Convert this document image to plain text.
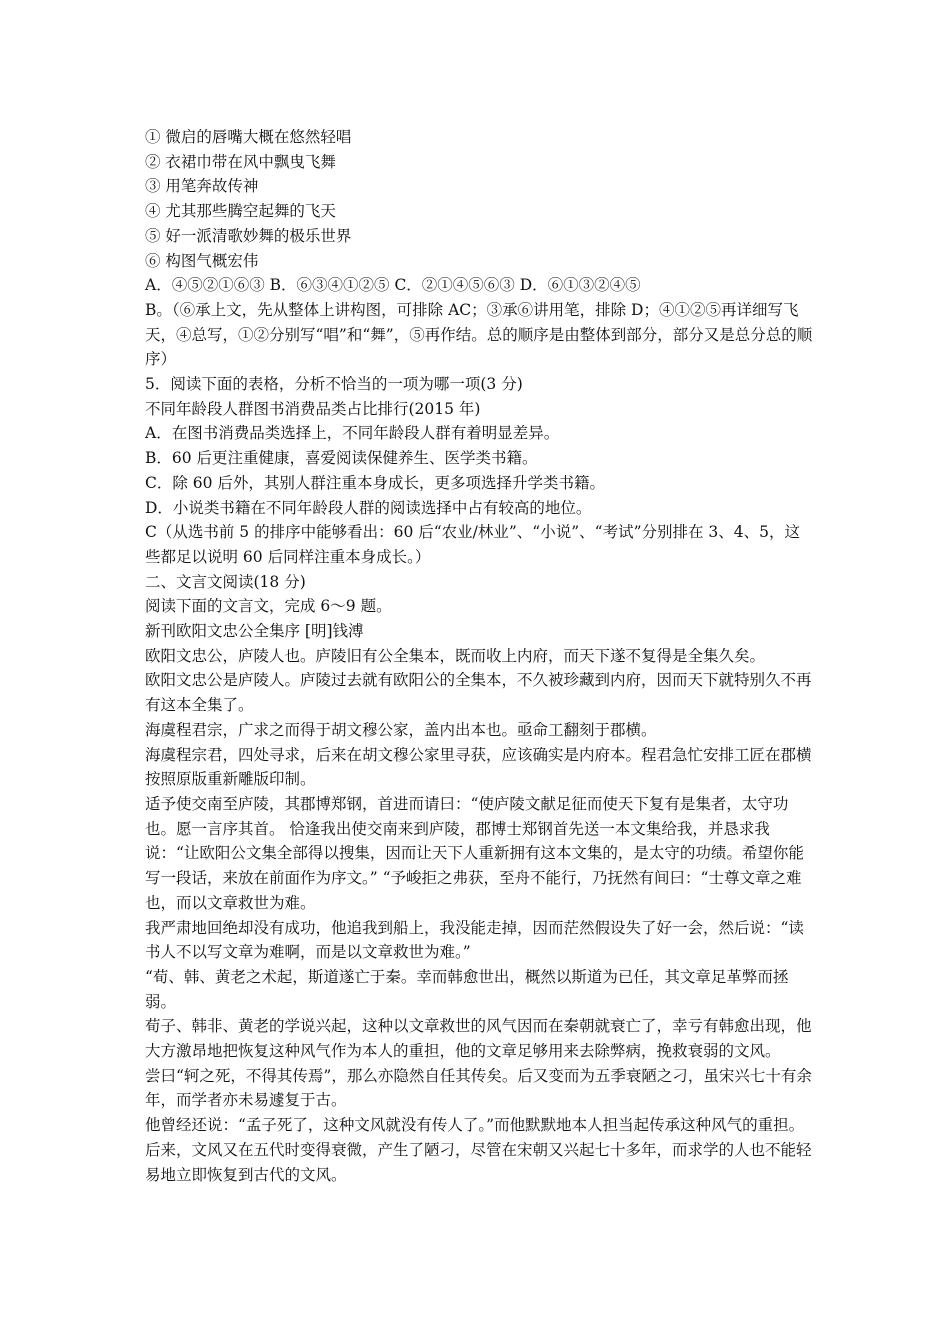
① 微启的唇嘴大概在悠然轻唱

② 衣裙巾带在风中飘曳飞舞

③ 用笔奔故传神

④ 尤其那些腾空起舞的飞天

⑤ 好一派清歌妙舞的极乐世界

⑥ 构图气概宏伟

A．④⑤②①⑥③ B．⑥③④①②⑤ C．②①④⑤⑥③ D．⑥①③②④⑤

B。（⑥承上文，先从整体上讲构图，可排除 AC；③承⑥讲用笔，排除 D；④①②⑤再详细写飞天，④总写，①②分别写“唱”和“舞”，⑤再作结。总的顺序是由整体到部分，部分又是总分总的顺序）

5．阅读下面的表格，分析不恰当的一项为哪一项(3 分)

不同年龄段人群图书消费品类占比排行(2015 年)

A．在图书消费品类选择上，不同年龄段人群有着明显差异。

B．60 后更注重健康，喜爱阅读保健养生、医学类书籍。

C．除 60 后外，其别人群注重本身成长，更多项选择升学类书籍。

D．小说类书籍在不同年龄段人群的阅读选择中占有较高的地位。

C（从选书前 5 的排序中能够看出：60 后“农业/林业”、“小说”、“考试”分别排在 3、4、5，这些都足以说明 60 后同样注重本身成长。）

二、文言文阅读(18 分)

阅读下面的文言文，完成 6～9 题。

新刊欧阳文忠公全集序 [明]钱溥

欧阳文忠公，庐陵人也。庐陵旧有公全集本，既而收上内府，而天下遂不复得是全集久矣。

欧阳文忠公是庐陵人。庐陵过去就有欧阳公的全集本，不久被珍藏到内府，因而天下就特别久不再有这本全集了。

海虞程君宗，广求之而得于胡文穆公家，盖内出本也。亟命工翻刻于郡横。

海虞程宗君，四处寻求，后来在胡文穆公家里寻获，应该确实是内府本。程君急忙安排工匠在郡横按照原版重新雕版印制。

适予使交南至庐陵，其郡博郑钢，首进而请曰：“使庐陵文献足征而使天下复有是集者，太守功也。愿一言序其首。 恰逢我出使交南来到庐陵，郡博士郑钢首先送一本文集给我，并恳求我说：“让欧阳公文集全部得以搜集，因而让天下人重新拥有这本文集的，是太守的功绩。希望你能写一段话，来放在前面作为序文。” “予峻拒之弗获，至舟不能行，乃抚然有间曰：“士尊文章之难也，而以文章救世为难。

我严肃地回绝却没有成功，他追我到船上，我没能走掉，因而茫然假设失了好一会，然后说：“读书人不以写文章为难啊，而是以文章救世为难。”

“荀、韩、黄老之术起，斯道遂亡于秦。幸而韩愈世出，概然以斯道为已任，其文章足革弊而拯弱。

荀子、韩非、黄老的学说兴起，这种以文章救世的风气因而在秦朝就衰亡了，幸亏有韩愈出现，他大方激昂地把恢复这种风气作为本人的重担，他的文章足够用来去除弊病，挽救衰弱的文风。

尝曰“轲之死，不得其传焉”，那么亦隐然自任其传矣。后又变而为五季衰陋之刁，虽宋兴七十有余年，而学者亦未易遽复于古。

他曾经还说：“孟子死了，这种文风就没有传人了。”而他默默地本人担当起传承这种风气的重担。后来，文风又在五代时变得衰微，产生了陋刁，尽管在宋朝又兴起七十多年，而求学的人也不能轻易地立即恢复到古代的文风。
